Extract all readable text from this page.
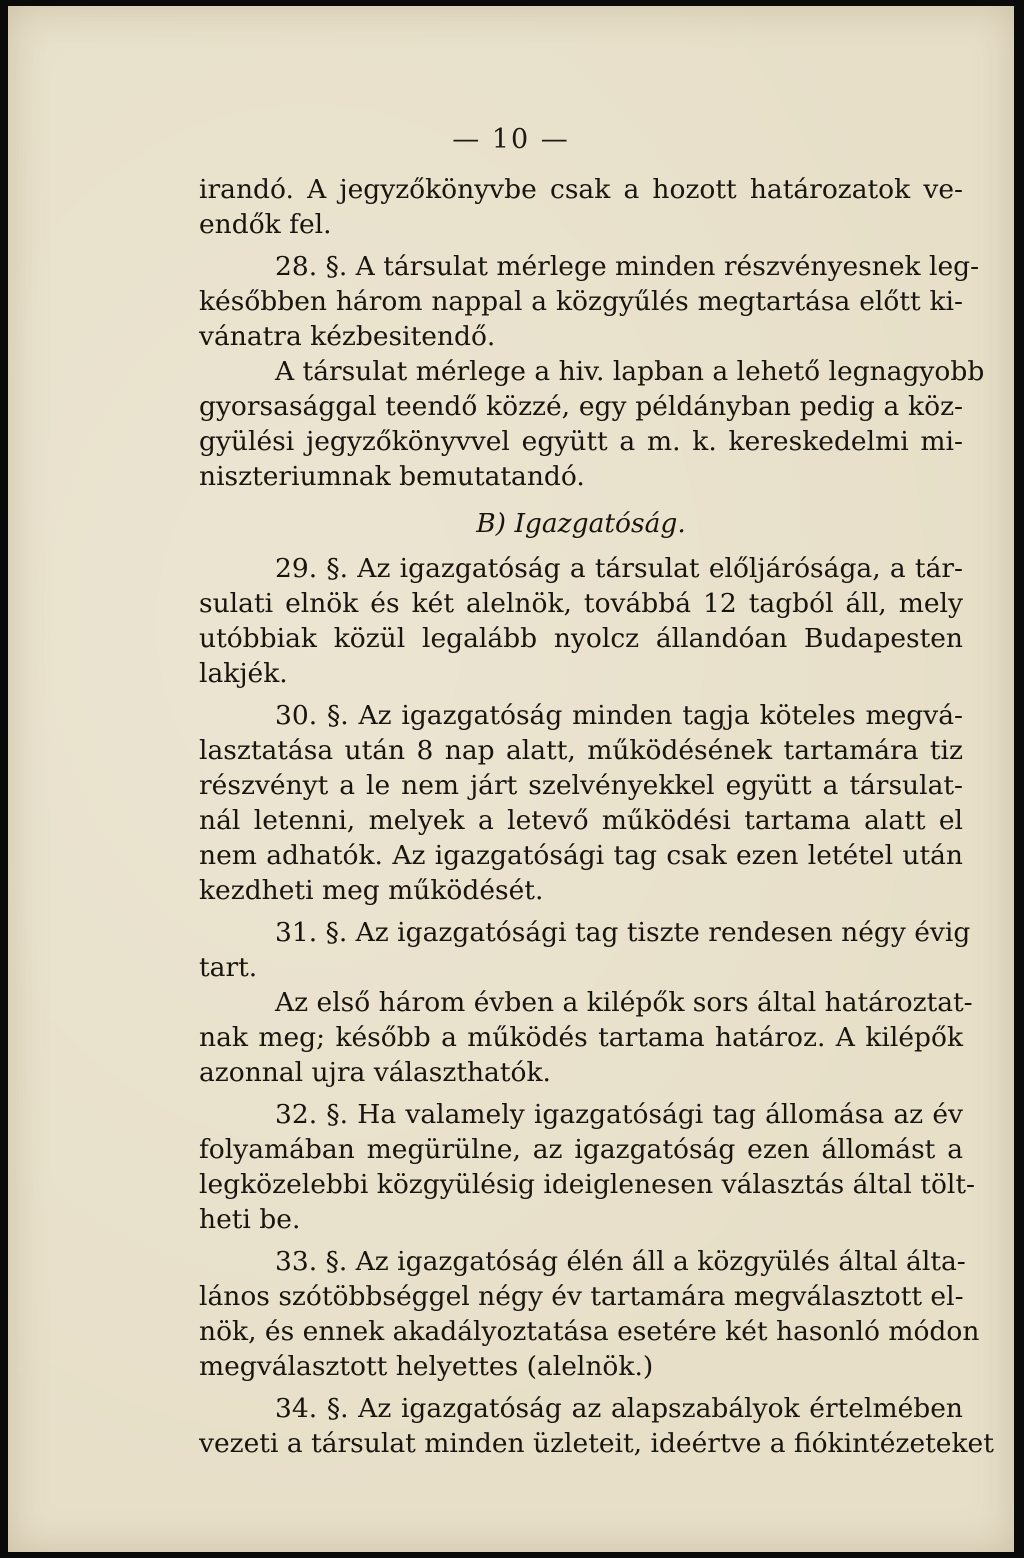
— 10 —
irandó. A jegyzőkönyvbe csak a hozott határozatok ve-
endők fel.
28. §. A társulat mérlege minden részvényesnek leg-
későbben három nappal a közgyűlés megtartása előtt ki-
vánatra kézbesitendő.
A társulat mérlege a hiv. lapban a lehető legnagyobb
gyorsasággal teendő közzé, egy példányban pedig a köz-
gyülési jegyzőkönyvvel együtt a m. k. kereskedelmi mi-
niszteriumnak bemutatandó.
B) Igazgatóság.
29. §. Az igazgatóság a társulat előljárósága, a tár-
sulati elnök és két alelnök, továbbá 12 tagból áll, mely
utóbbiak közül legalább nyolcz állandóan Budapesten
lakjék.
30. §. Az igazgatóság minden tagja köteles megvá-
lasztatása után 8 nap alatt, működésének tartamára tiz
részvényt a le nem járt szelvényekkel együtt a társulat-
nál letenni, melyek a letevő működési tartama alatt el
nem adhatók. Az igazgatósági tag csak ezen letétel után
kezdheti meg működését.
31. §. Az igazgatósági tag tiszte rendesen négy évig
tart.
Az első három évben a kilépők sors által határoztat-
nak meg; később a működés tartama határoz. A kilépők
azonnal ujra választhatók.
32. §. Ha valamely igazgatósági tag állomása az év
folyamában megürülne, az igazgatóság ezen állomást a
legközelebbi közgyülésig ideiglenesen választás által tölt-
heti be.
33. §. Az igazgatóság élén áll a közgyülés által álta-
lános szótöbbséggel négy év tartamára megválasztott el-
nök, és ennek akadályoztatása esetére két hasonló módon
megválasztott helyettes (alelnök.)
34. §. Az igazgatóság az alapszabályok értelmében
vezeti a társulat minden üzleteit, ideértve a fiókintézeteket
